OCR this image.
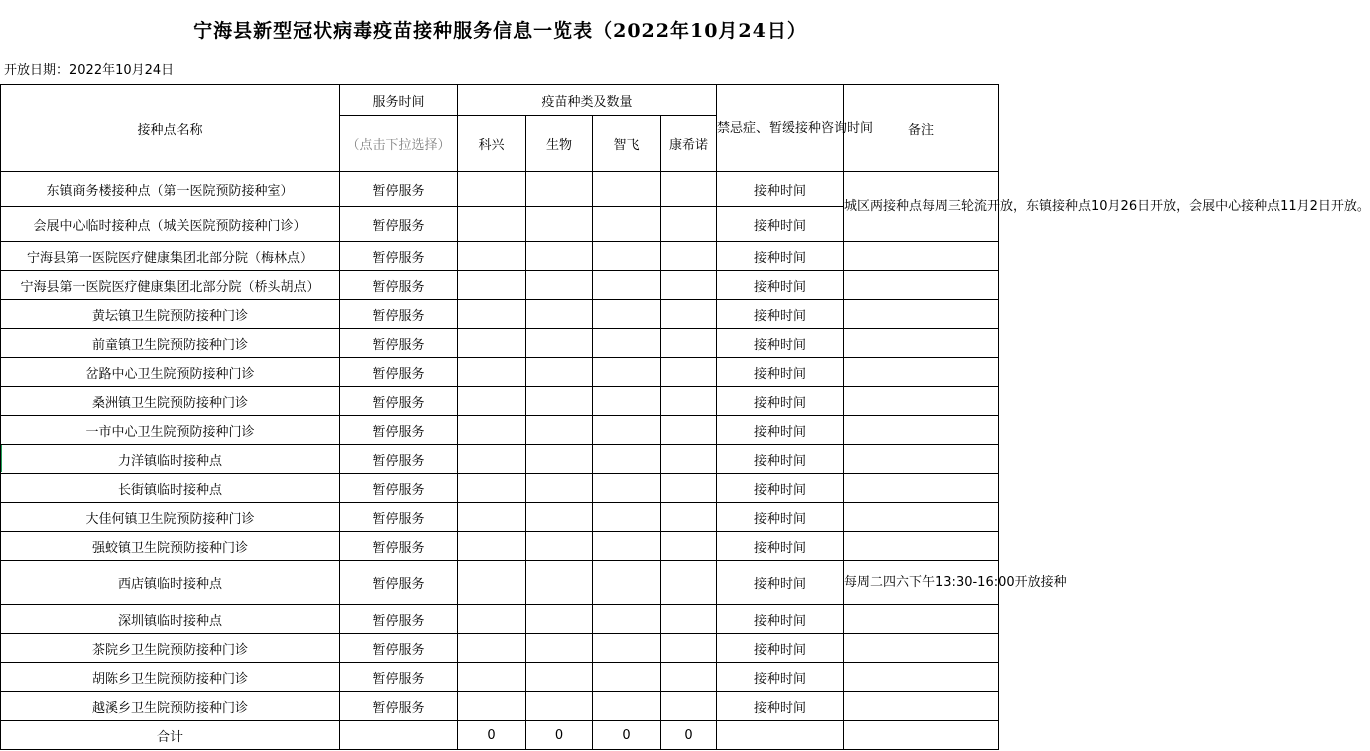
宁海县新型冠状病毒疫苗接种服务信息一览表（2022年10月24日）
开放日期：2022年10月24日
接种点名称	服务时间	疫苗种类及数量				禁忌症、暂缓接种咨询时间	备注
	（点击下拉选择）	科兴	生物	智飞	康希诺		
东镇商务楼接种点（第一医院预防接种室）	暂停服务					接种时间	城区两接种点每周三轮流开放，东镇接种点10月26日开放，会展中心接种点11月2日开放。
会展中心临时接种点（城关医院预防接种门诊）	暂停服务					接种时间	
宁海县第一医院医疗健康集团北部分院（梅林点）	暂停服务					接种时间	
宁海县第一医院医疗健康集团北部分院（桥头胡点）	暂停服务					接种时间	
黄坛镇卫生院预防接种门诊	暂停服务					接种时间	
前童镇卫生院预防接种门诊	暂停服务					接种时间	
岔路中心卫生院预防接种门诊	暂停服务					接种时间	
桑洲镇卫生院预防接种门诊	暂停服务					接种时间	
一市中心卫生院预防接种门诊	暂停服务					接种时间	
力洋镇临时接种点	暂停服务					接种时间	
长街镇临时接种点	暂停服务					接种时间	
大佳何镇卫生院预防接种门诊	暂停服务					接种时间	
强蛟镇卫生院预防接种门诊	暂停服务					接种时间	
西店镇临时接种点	暂停服务					接种时间	每周二四六下午13:30-16:00开放接种
深圳镇临时接种点	暂停服务					接种时间	
茶院乡卫生院预防接种门诊	暂停服务					接种时间	
胡陈乡卫生院预防接种门诊	暂停服务					接种时间	
越溪乡卫生院预防接种门诊	暂停服务					接种时间	
合计		0	0	0	0		
